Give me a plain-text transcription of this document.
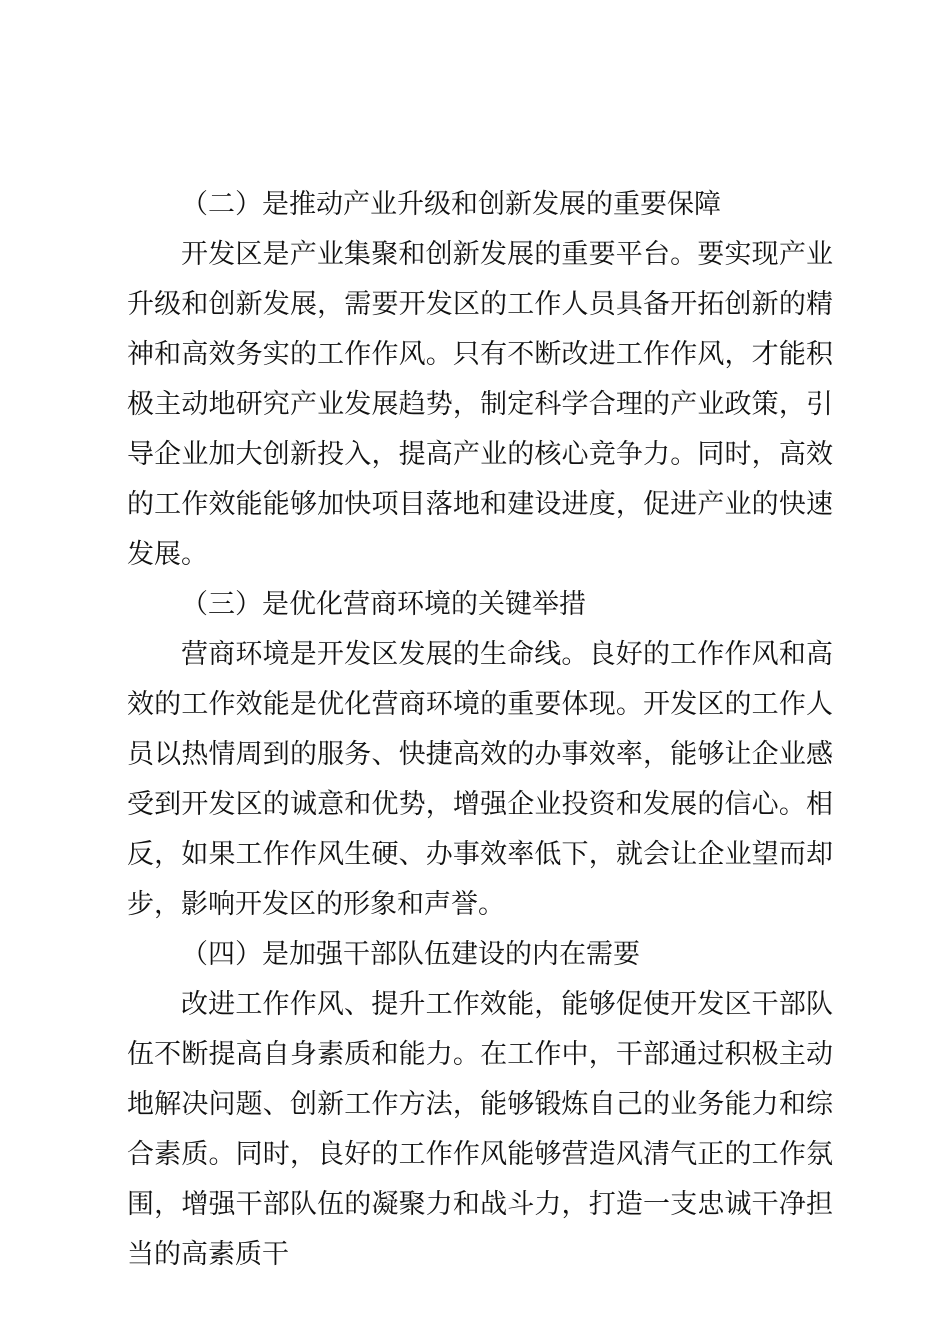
（二）是推动产业升级和创新发展的重要保障

开发区是产业集聚和创新发展的重要平台。要实现产业升级和创新发展，需要开发区的工作人员具备开拓创新的精神和高效务实的工作作风。只有不断改进工作作风，才能积极主动地研究产业发展趋势，制定科学合理的产业政策，引导企业加大创新投入，提高产业的核心竞争力。同时，高效的工作效能能够加快项目落地和建设进度，促进产业的快速发展。

（三）是优化营商环境的关键举措

营商环境是开发区发展的生命线。良好的工作作风和高效的工作效能是优化营商环境的重要体现。开发区的工作人员以热情周到的服务、快捷高效的办事效率，能够让企业感受到开发区的诚意和优势，增强企业投资和发展的信心。相反，如果工作作风生硬、办事效率低下，就会让企业望而却步，影响开发区的形象和声誉。

（四）是加强干部队伍建设的内在需要

改进工作作风、提升工作效能，能够促使开发区干部队伍不断提高自身素质和能力。在工作中，干部通过积极主动地解决问题、创新工作方法，能够锻炼自己的业务能力和综合素质。同时，良好的工作作风能够营造风清气正的工作氛围，增强干部队伍的凝聚力和战斗力，打造一支忠诚干净担当的高素质干
